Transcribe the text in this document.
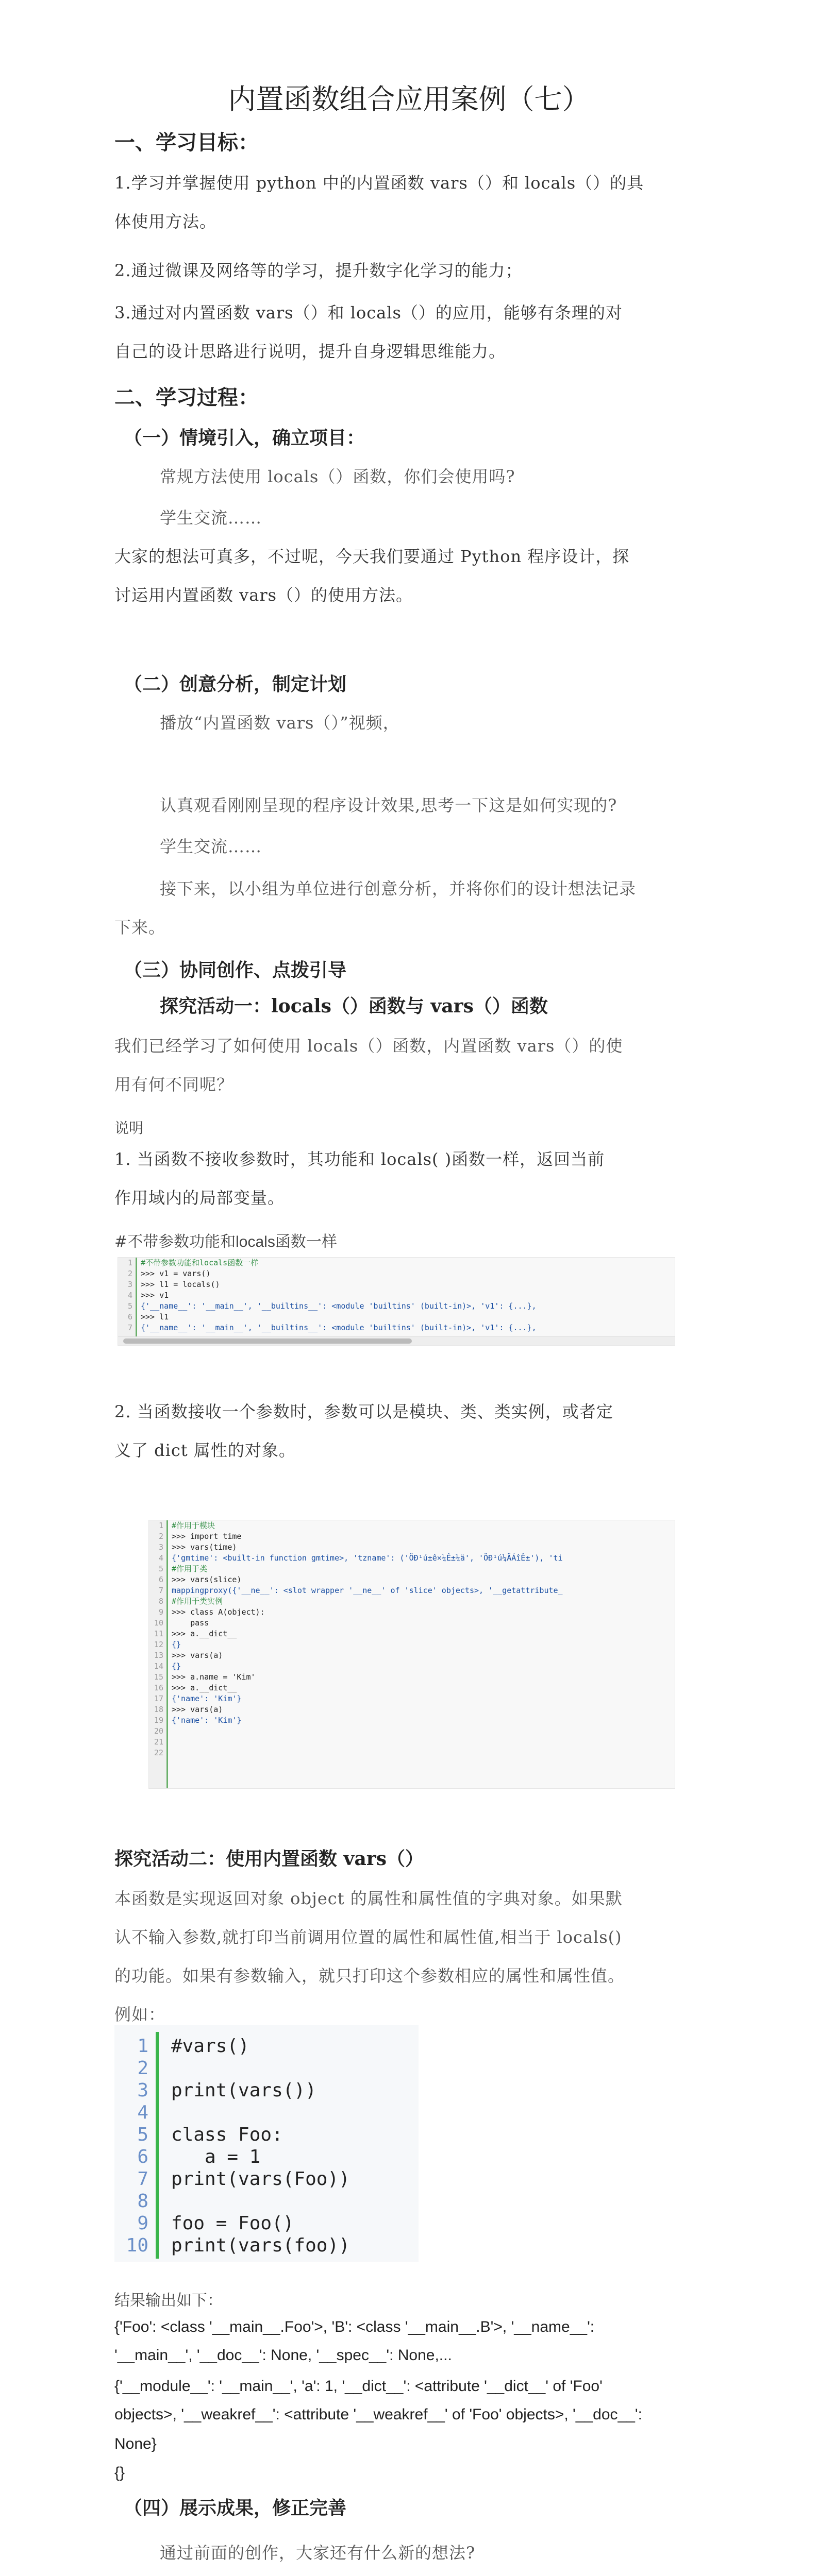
内置函数组合应用案例（七）
一、学习目标：
1.学习并掌握使用 python 中的内置函数 vars（）和 locals（）的具
体使用方法。
2.通过微课及网络等的学习，提升数字化学习的能力；
3.通过对内置函数 vars（）和 locals（）的应用，能够有条理的对
自己的设计思路进行说明，提升自身逻辑思维能力。
二、学习过程：
（一）情境引入，确立项目：
常规方法使用 locals（）函数，你们会使用吗?
学生交流……
大家的想法可真多，不过呢，今天我们要通过 Python 程序设计，探
讨运用内置函数 vars（）的使用方法。
（二）创意分析，制定计划
播放“内置函数 vars（）”视频，
认真观看刚刚呈现的程序设计效果,思考一下这是如何实现的?
学生交流……
接下来，以小组为单位进行创意分析，并将你们的设计想法记录
下来。
（三）协同创作、点拨引导
探究活动一：locals（）函数与 vars（）函数
我们已经学习了如何使用 locals（）函数，内置函数 vars（）的使
用有何不同呢？
说明
1. 当函数不接收参数时，其功能和 locals( )函数一样，返回当前
作用域内的局部变量。
#不带参数功能和locals函数一样
1
2
3
4
5
6
7
#不带参数功能和locals函数一样
>>> v1 = vars()
>>> l1 = locals()
>>> v1
{'__name__': '__main__', '__builtins__': <module 'builtins' (built-in)>, 'v1': {...},
>>> l1
{'__name__': '__main__', '__builtins__': <module 'builtins' (built-in)>, 'v1': {...},
2. 当函数接收一个参数时，参数可以是模块、类、类实例，或者定
义了 dict 属性的对象。
1
2
3
4
5
6
7
8
9
10
11
12
13
14
15
16
17
18
19
20
21
22
#作用于模块
>>> import time
>>> vars(time)
{'gmtime': <built-in function gmtime>, 'tzname': ('ÖÐ¹ú±ê×¼Ê±¼ä', 'ÖÐ¹ú¼ÄÁîÊ±'), 'ti
#作用于类
>>> vars(slice)
mappingproxy({'__ne__': <slot wrapper '__ne__' of 'slice' objects>, '__getattribute_
#作用于类实例
>>> class A(object):
pass
>>> a.__dict__
{}
>>> vars(a)
{}
>>> a.name = 'Kim'
>>> a.__dict__
{'name': 'Kim'}
>>> vars(a)
{'name': 'Kim'}
探究活动二：使用内置函数 vars（）
本函数是实现返回对象 object 的属性和属性值的字典对象。如果默
认不输入参数,就打印当前调用位置的属性和属性值,相当于 locals()
的功能。如果有参数输入，就只打印这个参数相应的属性和属性值。
例如：
1
2
3
4
5
6
7
8
9
10
#vars()
print(vars())
class Foo:
a = 1
print(vars(Foo))
foo = Foo()
print(vars(foo))
结果输出如下：
{'Foo': <class '__main__.Foo'>, 'B': <class '__main__.B'>, '__name__':
'__main__', '__doc__': None, '__spec__': None,...
{'__module__': '__main__', 'a': 1, '__dict__': <attribute '__dict__' of 'Foo'
objects>, '__weakref__': <attribute '__weakref__' of 'Foo' objects>, '__doc__':
None}
{}
（四）展示成果，修正完善
通过前面的创作，大家还有什么新的想法?
